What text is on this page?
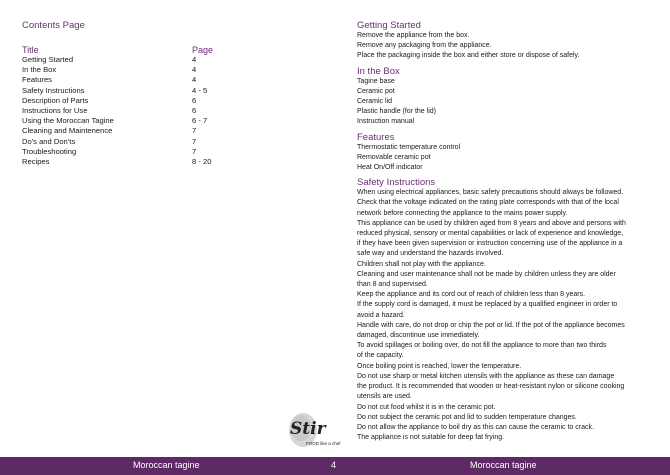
Contents Page
Title	Page
Getting Started	4
In the Box	4
Features	4
Safety Instructions	4 - 5
Description of Parts	6
Instructions for Use	6
Using the Moroccan Tagine	6 - 7
Cleaning and Maintenence	7
Do's and Don'ts	7
Troubleshooting	7
Recipes	8 - 20
Getting Started
Remove the appliance from the box.
Remove any packaging from the appliance.
Place the packaging inside the box and either store or dispose of safely.
In the Box
Tagine base
Ceramic pot
Ceramic lid
Plastic handle (for the lid)
Instruction manual
Features
Thermostatic temperature control
Removable ceramic pot
Heat On/Off indicator
Safety Instructions
When using electrical appliances, basic safety precautions should always be followed.
Check that the voltage indicated on the rating plate corresponds with that of the local
network before connecting the appliance to the mains power supply.
This appliance can be used by children aged from 8 years and above and persons with
reduced physical, sensory or mental capabilities or lack of experience and knowledge,
if they have been given supervision or instruction concerning use of the appliance in a
safe way and understand the hazards involved.
Children shall not play with the appliance.
Cleaning and user maintenance shall not be made by children unless they are older
than 8 and supervised.
Keep the appliance and its cord out of reach of children less than 8 years.
If the supply cord is damaged, it must be replaced by a qualified engineer in order to
avoid a hazard.
Handle with care, do not drop or chip the pot or lid. If the pot of the appliance becomes
damaged, discontinue use immediately.
To avoid spillages or boiling over, do not fill the appliance to more than two thirds
of the capacity.
Once boiling point is reached, lower the temperature.
Do not use sharp or metal kitchen utensils with the appliance as these can damage
the product. It is recommended that wooden or heat-resistant nylon or silicone cooking
utensils are used.
Do not cut food whilst it is in the ceramic pot.
Do not subject the ceramic pot and lid to sudden temperature changes.
Do not allow the appliance to boil dry as this can cause the ceramic to crack.
The appliance is not suitable for deep fat frying.
Stir
FOOD like a chef
Moroccan tagine	4	Moroccan tagine
